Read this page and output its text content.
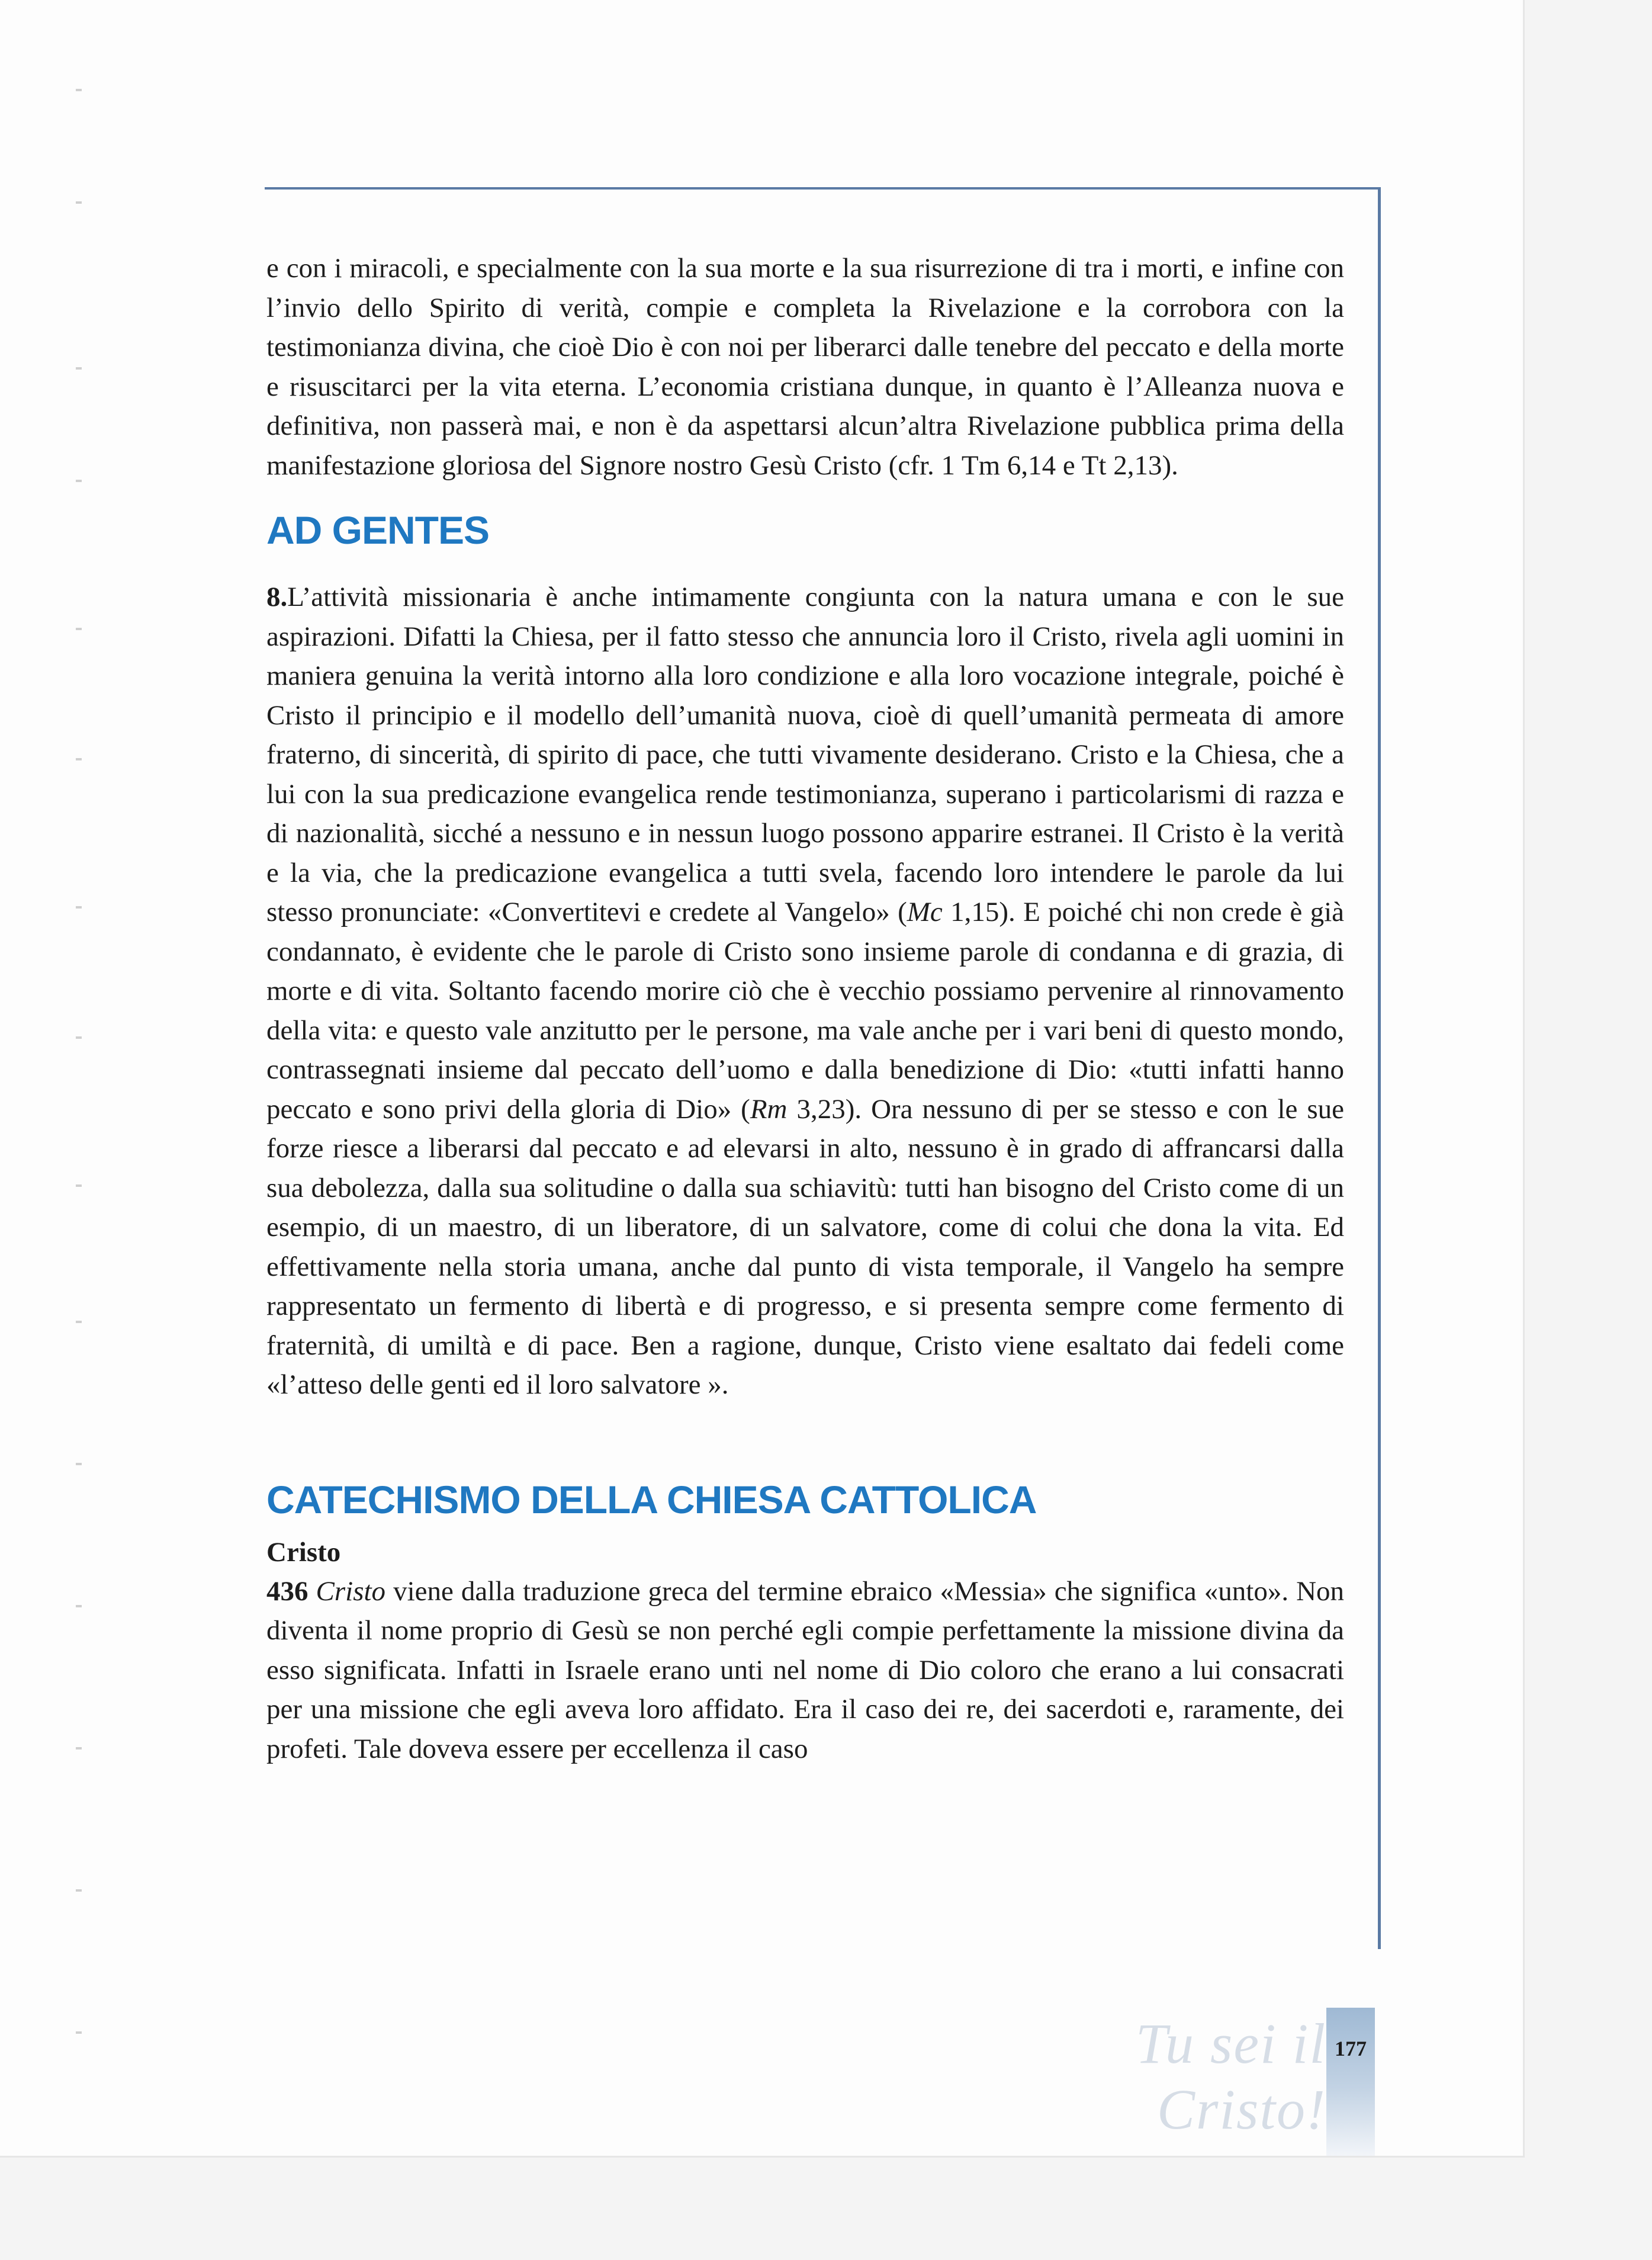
e con i miracoli, e specialmente con la sua morte e la sua risurrezione di tra i morti, e infine con l’invio dello Spirito di verità, compie e completa la Rivelazione e la corrobora con la testimonianza divina, che cioè Dio è con noi per liberarci dalle tenebre del peccato e della morte e risuscitarci per la vita eterna. L’economia cristiana dunque, in quanto è l’Alleanza nuova e definitiva, non passerà mai, e non è da aspettarsi alcun’altra Rivelazione pubblica prima della manifestazione gloriosa del Signore nostro Gesù Cristo (cfr. 1 Tm 6,14 e Tt 2,13).

AD GENTES

8.L’attività missionaria è anche intimamente congiunta con la natura umana e con le sue aspirazioni. Difatti la Chiesa, per il fatto stesso che annuncia loro il Cristo, rivela agli uomini in maniera genuina la verità intorno alla loro condizione e alla loro vocazione integrale, poiché è Cristo il principio e il modello dell’umanità nuova, cioè di quell’umanità permeata di amore fraterno, di sincerità, di spirito di pace, che tutti vivamente desiderano. Cristo e la Chiesa, che a lui con la sua predicazione evangelica rende testimonianza, superano i particolarismi di razza e di nazionalità, sicché a nessuno e in nessun luogo possono apparire estranei. Il Cristo è la verità e la via, che la predicazione evangelica a tutti svela, facendo loro intendere le parole da lui stesso pronunciate: «Convertitevi e credete al Vangelo» (Mc 1,15). E poiché chi non crede è già condannato, è evidente che le parole di Cristo sono insieme parole di condanna e di grazia, di morte e di vita. Soltanto facendo morire ciò che è vecchio possiamo pervenire al rinnovamento della vita: e questo vale anzitutto per le persone, ma vale anche per i vari beni di questo mondo, contrassegnati insieme dal peccato dell’uomo e dalla benedizione di Dio: «tutti infatti hanno peccato e sono privi della gloria di Dio» (Rm 3,23). Ora nessuno di per se stesso e con le sue forze riesce a liberarsi dal peccato e ad elevarsi in alto, nessuno è in grado di affrancarsi dalla sua debolezza, dalla sua solitudine o dalla sua schiavitù: tutti han bisogno del Cristo come di un esempio, di un maestro, di un liberatore, di un salvatore, come di colui che dona la vita. Ed effettivamente nella storia umana, anche dal punto di vista temporale, il Vangelo ha sempre rappresentato un fermento di libertà e di progresso, e si presenta sempre come fermento di fraternità, di umiltà e di pace. Ben a ragione, dunque, Cristo viene esaltato dai fedeli come «l’atteso delle genti ed il loro salvatore ».

CATECHISMO DELLA CHIESA CATTOLICA

Cristo

436 Cristo viene dalla traduzione greca del termine ebraico «Messia» che significa «unto». Non diventa il nome proprio di Gesù se non perché egli compie perfettamente la missione divina da esso significata. Infatti in Israele erano unti nel nome di Dio coloro che erano a lui consacrati per una missione che egli aveva loro affidato. Era il caso dei re, dei sacerdoti e, raramente, dei profeti. Tale doveva essere per eccellenza il caso

Tu sei il Cristo!
177
